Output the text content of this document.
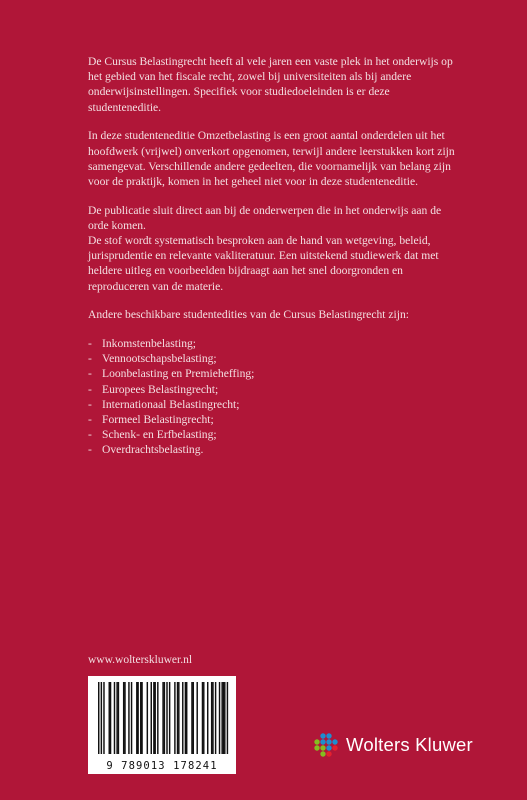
De Cursus Belastingrecht heeft al vele jaren een vaste plek in het onderwijs op het gebied van het fiscale recht, zowel bij universiteiten als bij andere onderwijsinstellingen. Specifiek voor studiedoeleinden is er deze studenteneditie.

In deze studenteneditie Omzetbelasting is een groot aantal onderdelen uit het hoofdwerk (vrijwel) onverkort opgenomen, terwijl andere leerstukken kort zijn samengevat. Verschillende andere gedeelten, die voornamelijk van belang zijn voor de praktijk, komen in het geheel niet voor in deze studenteneditie.

De publicatie sluit direct aan bij de onderwerpen die in het onderwijs aan de orde komen.

De stof wordt systematisch besproken aan de hand van wetgeving, beleid, jurisprudentie en relevante vakliteratuur. Een uitstekend studiewerk dat met heldere uitleg en voorbeelden bijdraagt aan het snel doorgronden en reproduceren van de materie.

Andere beschikbare studentedities van de Cursus Belastingrecht zijn:

- Inkomstenbelasting;
- Vennootschapsbelasting;
- Loonbelasting en Premieheffing;
- Europees Belastingrecht;
- Internationaal Belastingrecht;
- Formeel Belastingrecht;
- Schenk- en Erfbelasting;
- Overdrachtsbelasting.
www.wolterskluwer.nl
9 789013 178241
Wolters Kluwer
